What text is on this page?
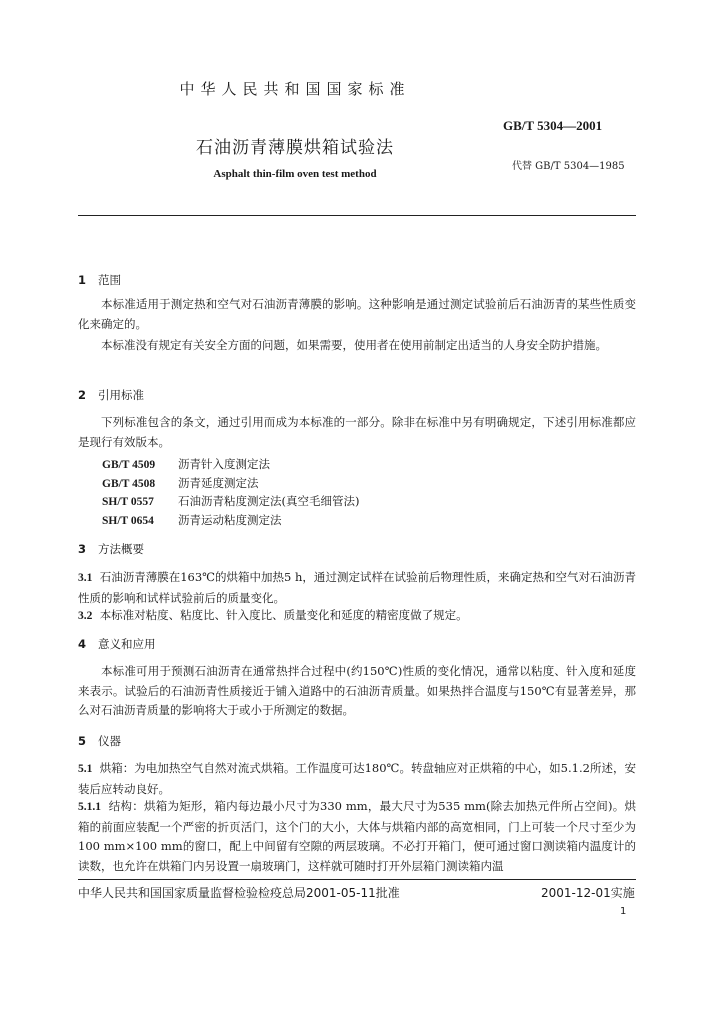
中华人民共和国国家标准
GB/T 5304—2001
石油沥青薄膜烘箱试验法
代替 GB/T 5304—1985
Asphalt thin-film oven test method
1 范围
本标准适用于测定热和空气对石油沥青薄膜的影响。这种影响是通过测定试验前后石油沥青的某些性质变化来确定的。
本标准没有规定有关安全方面的问题，如果需要，使用者在使用前制定出适当的人身安全防护措施。
2 引用标准
下列标准包含的条文，通过引用而成为本标准的一部分。除非在标准中另有明确规定，下述引用标准都应是现行有效版本。
GB/T 4509 沥青针入度测定法
GB/T 4508 沥青延度测定法
SH/T 0557 石油沥青粘度测定法(真空毛细管法)
SH/T 0654 沥青运动粘度测定法
3 方法概要
3.1 石油沥青薄膜在163℃的烘箱中加热5 h，通过测定试样在试验前后物理性质，来确定热和空气对石油沥青性质的影响和试样试验前后的质量变化。
3.2 本标准对粘度、粘度比、针入度比、质量变化和延度的精密度做了规定。
4 意义和应用
本标准可用于预测石油沥青在通常热拌合过程中(约150℃)性质的变化情况，通常以粘度、针入度和延度来表示。试验后的石油沥青性质接近于铺入道路中的石油沥青质量。如果热拌合温度与150℃有显著差异，那么对石油沥青质量的影响将大于或小于所测定的数据。
5 仪器
5.1 烘箱：为电加热空气自然对流式烘箱。工作温度可达180℃。转盘轴应对正烘箱的中心，如5.1.2所述，安装后应转动良好。
5.1.1 结构：烘箱为矩形，箱内每边最小尺寸为330 mm，最大尺寸为535 mm(除去加热元件所占空间)。烘箱的前面应装配一个严密的折页活门，这个门的大小，大体与烘箱内部的高宽相同，门上可装一个尺寸至少为100 mm×100 mm的窗口，配上中间留有空隙的两层玻璃。不必打开箱门，便可通过窗口测读箱内温度计的读数，也允许在烘箱门内另设置一扇玻璃门，这样就可随时打开外层箱门测读箱内温
中华人民共和国国家质量监督检验检疫总局2001-05-11批准	2001-12-01实施
1
